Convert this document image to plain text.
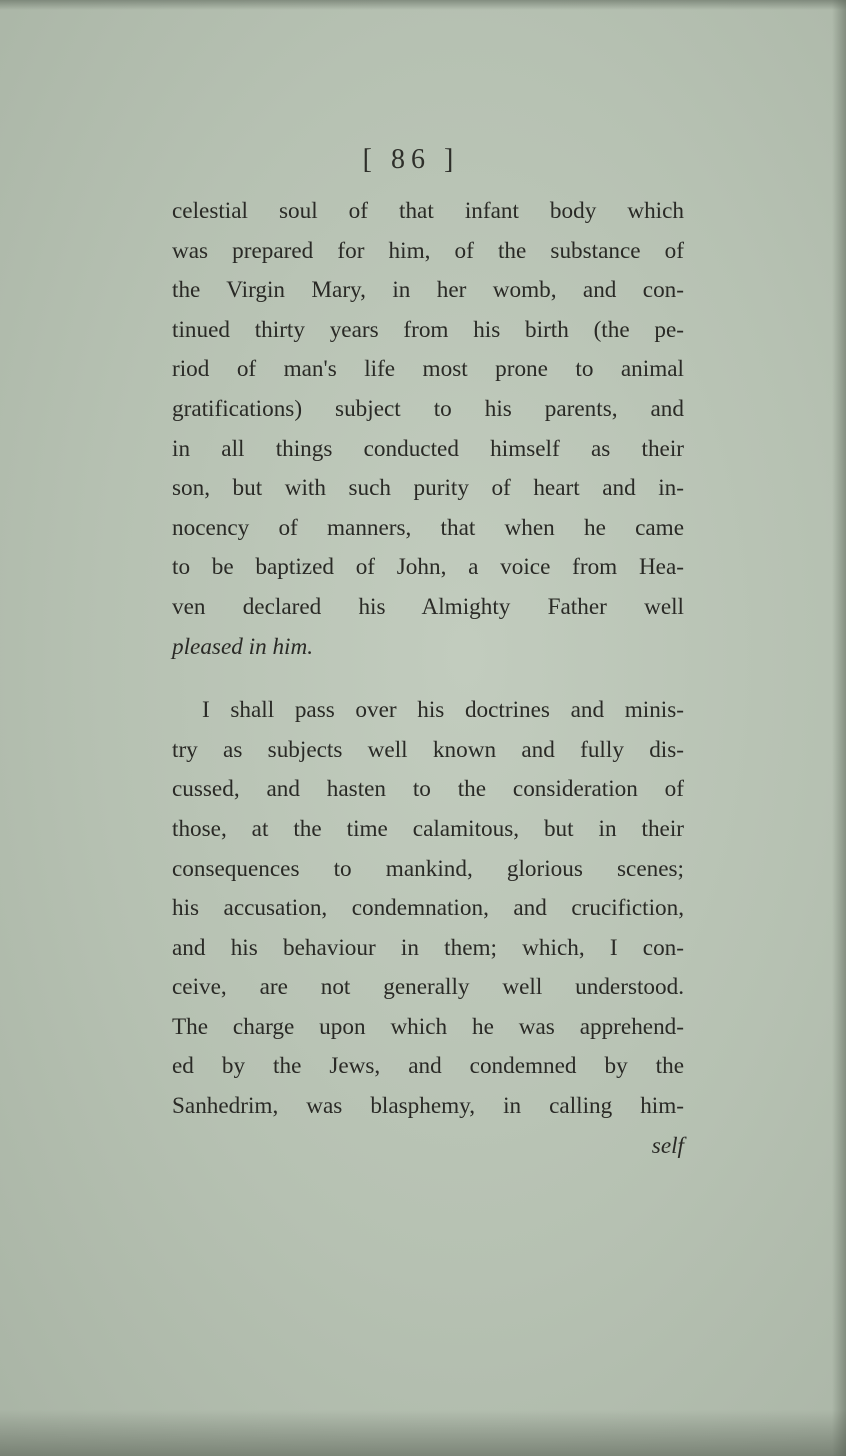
[ 86 ]
celestial soul of that infant body which
was prepared for him, of the substance of
the Virgin Mary, in her womb, and con-
tinued thirty years from his birth (the pe-
riod of man's life most prone to animal
gratifications) subject to his parents, and
in all things conducted himself as their
son, but with such purity of heart and in-
nocency of manners, that when he came
to be baptized of John, a voice from Hea-
ven declared his Almighty Father well
pleased in him.
I shall pass over his doctrines and minis-
try as subjects well known and fully dis-
cussed, and hasten to the consideration of
those, at the time calamitous, but in their
consequences to mankind, glorious scenes;
his accusation, condemnation, and crucifiction,
and his behaviour in them; which, I con-
ceive, are not generally well understood.
The charge upon which he was apprehend-
ed by the Jews, and condemned by the
Sanhedrim, was blasphemy, in calling him-
self
